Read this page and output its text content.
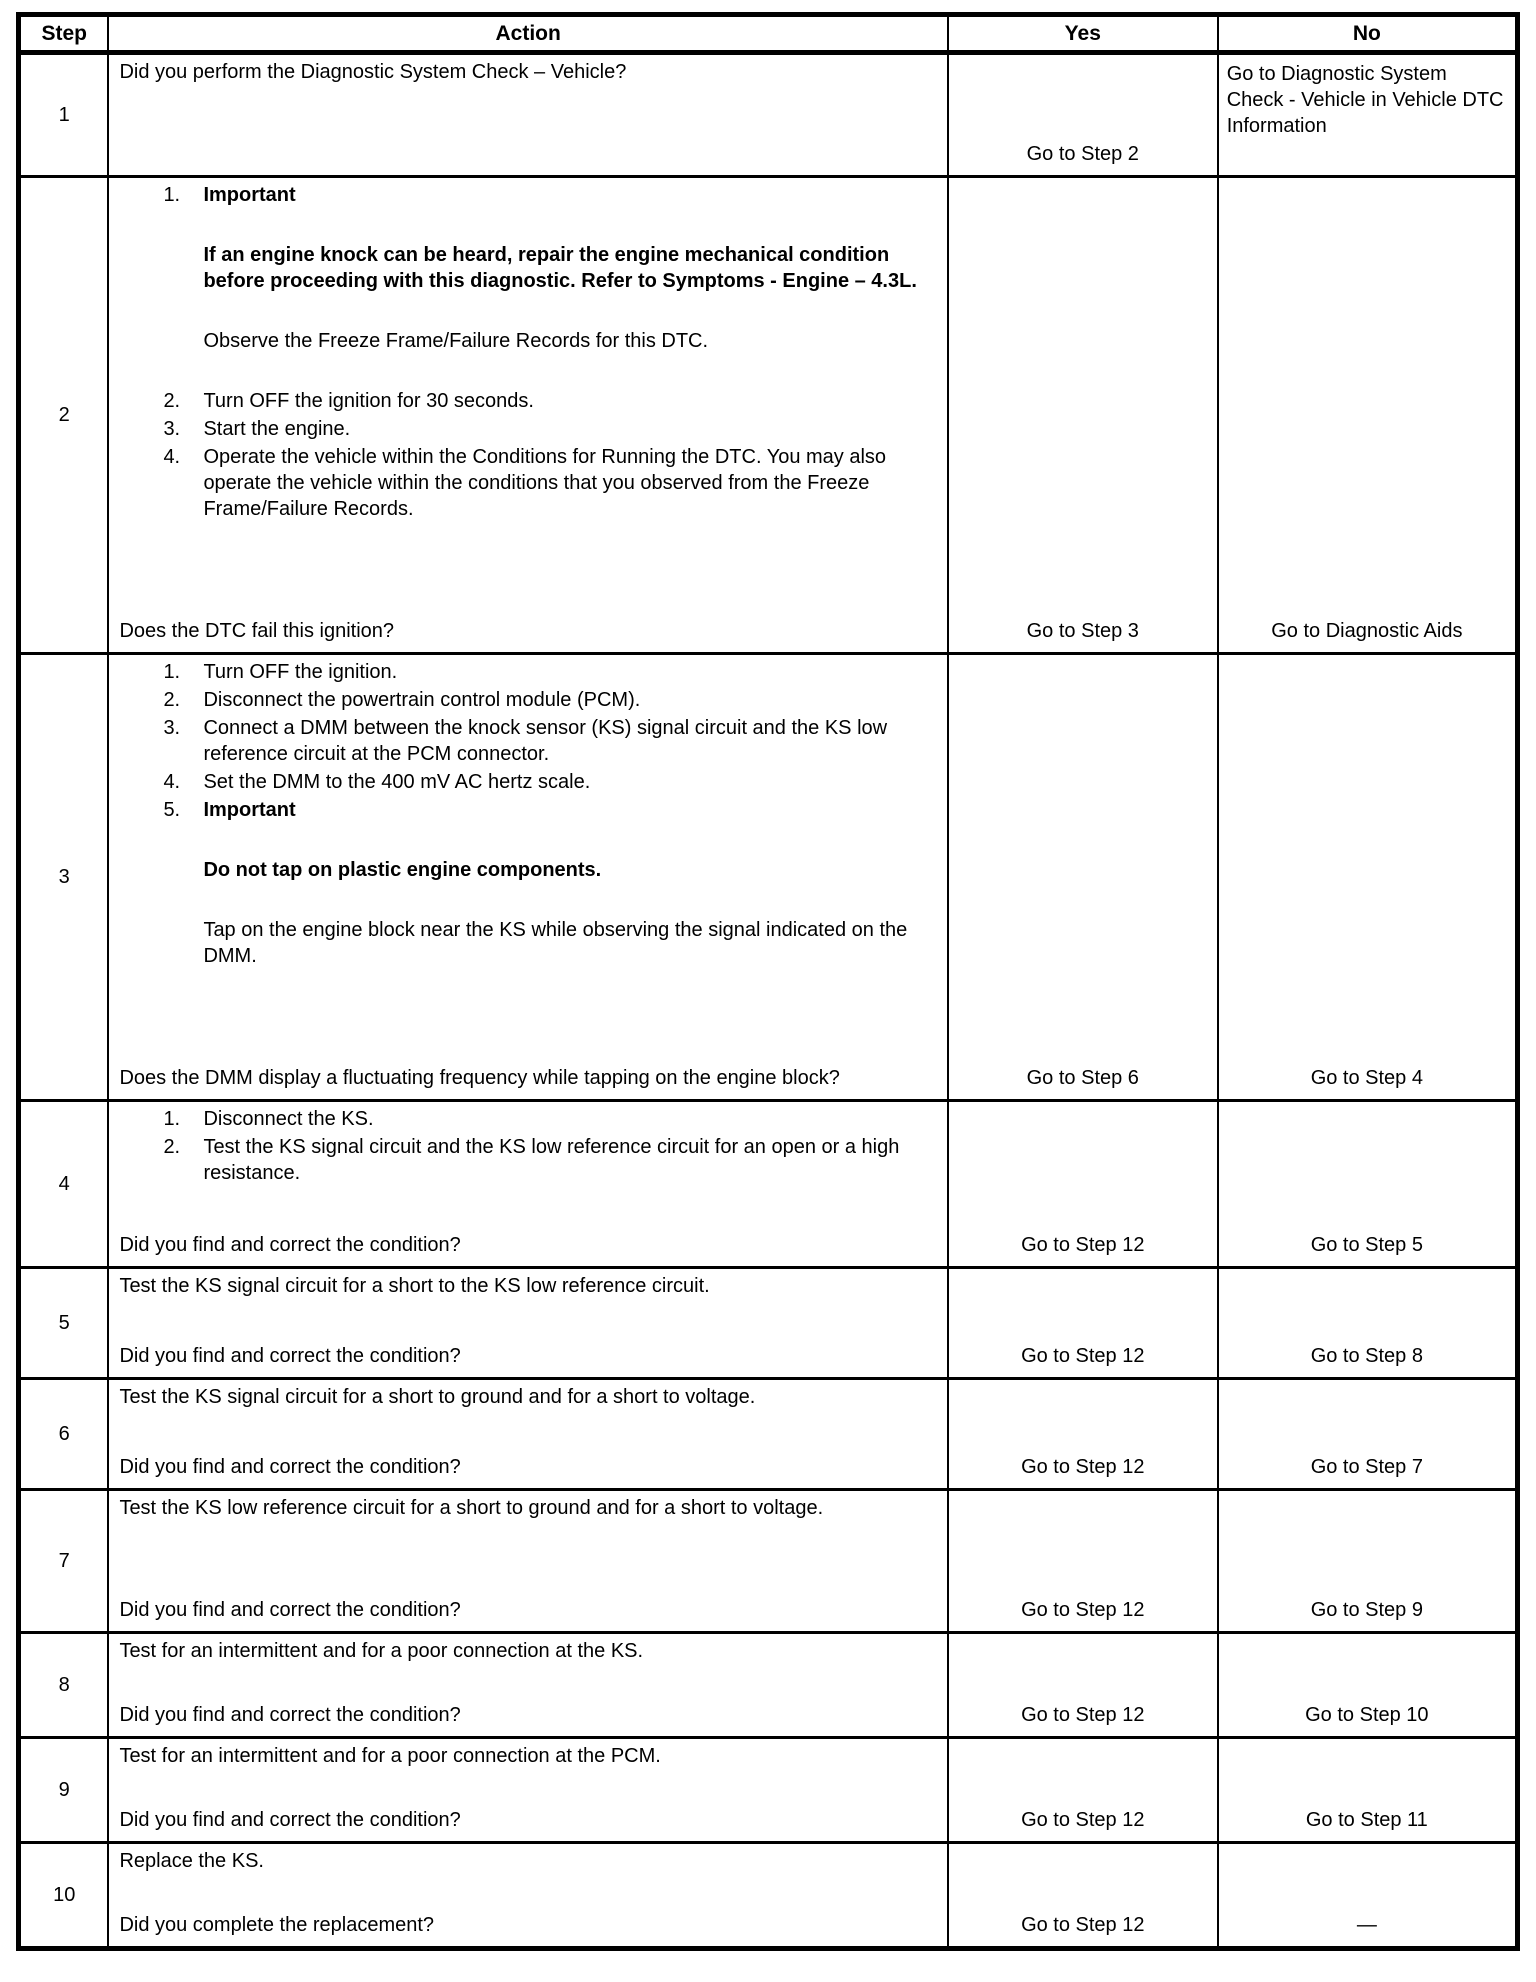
Step	Action	Yes	No
1	Did you perform the Diagnostic System Check – Vehicle?	Go to Step 2	Go to Diagnostic System Check - Vehicle in Vehicle DTC Information
2	
1.	Important
If an engine knock can be heard, repair the engine mechanical condition before proceeding with this diagnostic. Refer to Symptoms - Engine – 4.3L.
Observe the Freeze Frame/Failure Records for this DTC.
2.	Turn OFF the ignition for 30 seconds.
3.	Start the engine.
4.	Operate the vehicle within the Conditions for Running the DTC. You may also operate the vehicle within the conditions that you observed from the Freeze Frame/Failure Records.
Does the DTC fail this ignition?	Go to Step 3	Go to Diagnostic Aids
3	
1.	Turn OFF the ignition.
2.	Disconnect the powertrain control module (PCM).
3.	Connect a DMM between the knock sensor (KS) signal circuit and the KS low reference circuit at the PCM connector.
4.	Set the DMM to the 400 mV AC hertz scale.
5.	Important
Do not tap on plastic engine components.
Tap on the engine block near the KS while observing the signal indicated on the DMM.
Does the DMM display a fluctuating frequency while tapping on the engine block?	Go to Step 6	Go to Step 4
4	1. Disconnect the KS.
2. Test the KS signal circuit and the KS low reference circuit for an open or a high resistance.
Did you find and correct the condition?	Go to Step 12	Go to Step 5
5	Test the KS signal circuit for a short to the KS low reference circuit.
Did you find and correct the condition?	Go to Step 12	Go to Step 8
6	Test the KS signal circuit for a short to ground and for a short to voltage.
Did you find and correct the condition?	Go to Step 12	Go to Step 7
7	Test the KS low reference circuit for a short to ground and for a short to voltage.
Did you find and correct the condition?	Go to Step 12	Go to Step 9
8	Test for an intermittent and for a poor connection at the KS.
Did you find and correct the condition?	Go to Step 12	Go to Step 10
9	Test for an intermittent and for a poor connection at the PCM.
Did you find and correct the condition?	Go to Step 12	Go to Step 11
10	Replace the KS.
Did you complete the replacement?	Go to Step 12	—
